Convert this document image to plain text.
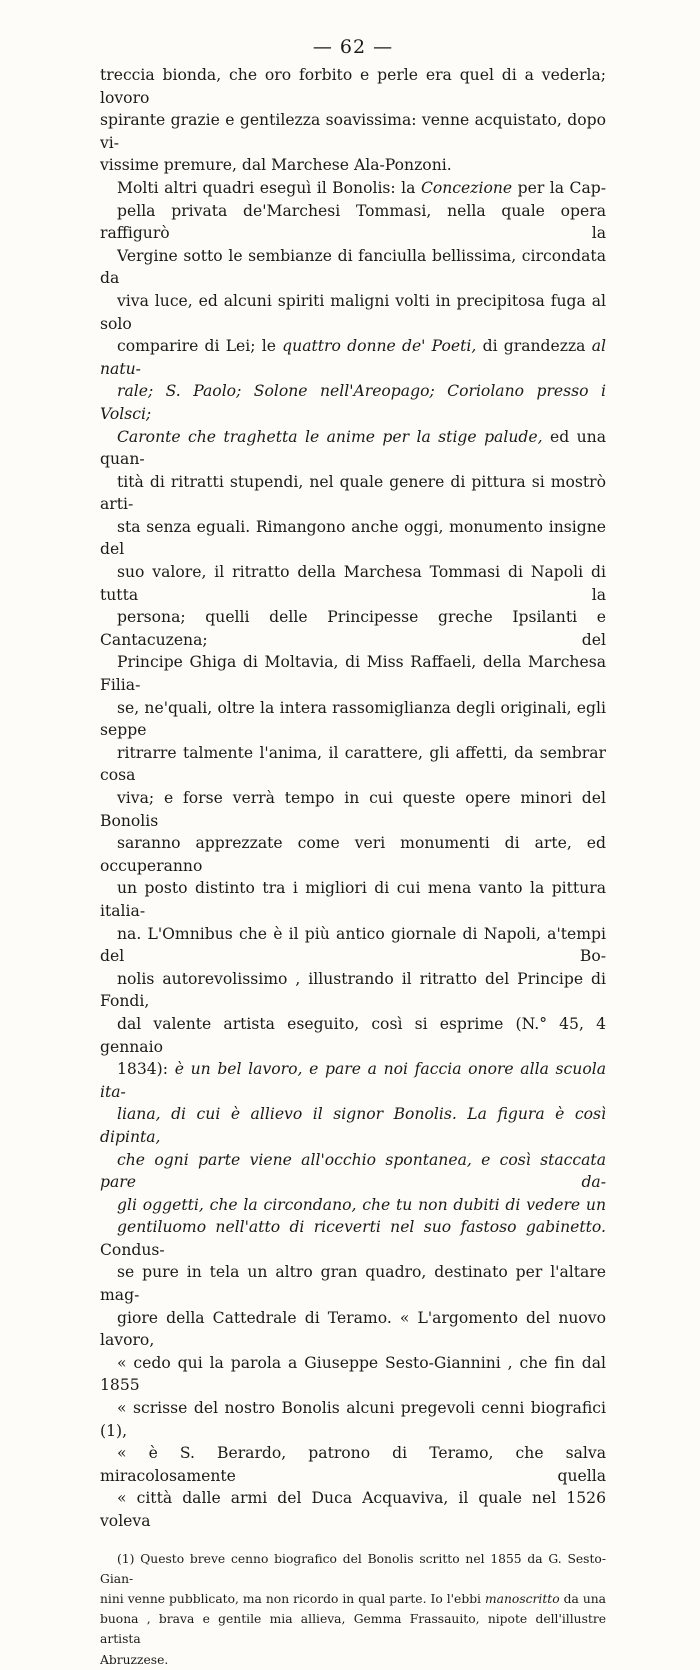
— 62 —
treccia bionda, che oro forbito e perle era quel di a vederla; lovoro
spirante grazie e gentilezza soavissima: venne acquistato, dopo vi-
vissime premure, dal Marchese Ala-Ponzoni.
Molti altri quadri eseguì il Bonolis: la Concezione per la Cap-
pella privata de'Marchesi Tommasi, nella quale opera raffigurò la
Vergine sotto le sembianze di fanciulla bellissima, circondata da
viva luce, ed alcuni spiriti maligni volti in precipitosa fuga al solo
comparire di Lei; le quattro donne de' Poeti, di grandezza al natu-
rale; S. Paolo; Solone nell'Areopago; Coriolano presso i Volsci;
Caronte che traghetta le anime per la stige palude, ed una quan-
tità di ritratti stupendi, nel quale genere di pittura si mostrò arti-
sta senza eguali. Rimangono anche oggi, monumento insigne del
suo valore, il ritratto della Marchesa Tommasi di Napoli di tutta la
persona; quelli delle Principesse greche Ipsilanti e Cantacuzena; del
Principe Ghiga di Moltavia, di Miss Raffaeli, della Marchesa Filia-
se, ne'quali, oltre la intera rassomiglianza degli originali, egli seppe
ritrarre talmente l'anima, il carattere, gli affetti, da sembrar cosa
viva; e forse verrà tempo in cui queste opere minori del Bonolis
saranno apprezzate come veri monumenti di arte, ed occuperanno
un posto distinto tra i migliori di cui mena vanto la pittura italia-
na. L'Omnibus che è il più antico giornale di Napoli, a'tempi del Bo-
nolis autorevolissimo , illustrando il ritratto del Principe di Fondi,
dal valente artista eseguito, così si esprime (N.° 45, 4 gennaio
1834): è un bel lavoro, e pare a noi faccia onore alla scuola ita-
liana, di cui è allievo il signor Bonolis. La figura è così dipinta,
che ogni parte viene all'occhio spontanea, e così staccata pare da-
gli oggetti, che la circondano, che tu non dubiti di vedere un
gentiluomo nell'atto di riceverti nel suo fastoso gabinetto. Condus-
se pure in tela un altro gran quadro, destinato per l'altare mag-
giore della Cattedrale di Teramo. « L'argomento del nuovo lavoro,
« cedo qui la parola a Giuseppe Sesto-Giannini , che fin dal 1855
« scrisse del nostro Bonolis alcuni pregevoli cenni biografici (1),
« è S. Berardo, patrono di Teramo, che salva miracolosamente quella
« città dalle armi del Duca Acquaviva, il quale nel 1526 voleva
(1) Questo breve cenno biografico del Bonolis scritto nel 1855 da G. Sesto-Gian-
nini venne pubblicato, ma non ricordo in qual parte. Io l'ebbi manoscritto da una
buona , brava e gentile mia allieva, Gemma Frassauito, nipote dell'illustre artista
Abruzzese.
